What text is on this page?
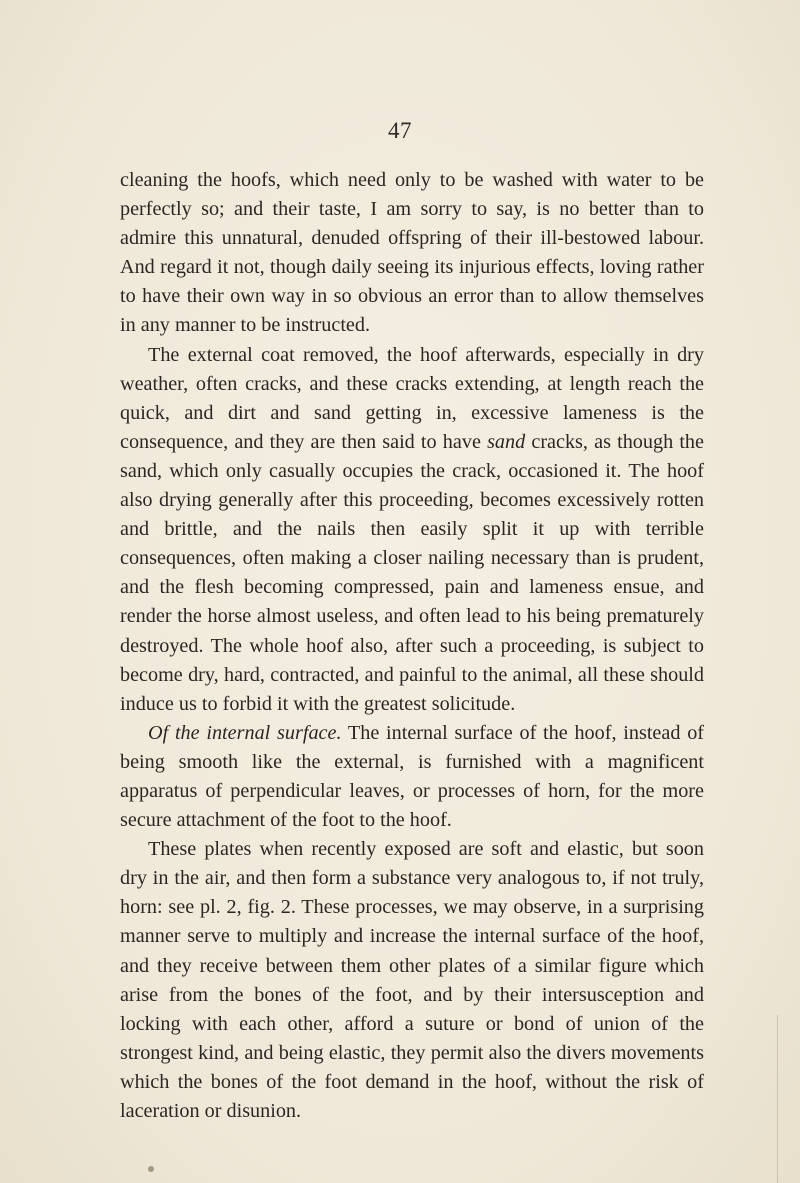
47

cleaning the hoofs, which need only to be washed with water to be perfectly so; and their taste, I am sorry to say, is no better than to admire this unnatural, denuded offspring of their ill-bestowed labour. And regard it not, though daily seeing its injurious effects, loving rather to have their own way in so obvious an error than to allow themselves in any manner to be instructed.

The external coat removed, the hoof afterwards, especially in dry weather, often cracks, and these cracks extending, at length reach the quick, and dirt and sand getting in, excessive lameness is the consequence, and they are then said to have sand cracks, as though the sand, which only casually occupies the crack, occasioned it. The hoof also drying generally after this proceeding, becomes excessively rotten and brittle, and the nails then easily split it up with terrible consequences, often making a closer nailing necessary than is prudent, and the flesh becoming compressed, pain and lameness ensue, and render the horse almost useless, and often lead to his being prematurely destroyed. The whole hoof also, after such a proceeding, is subject to become dry, hard, contracted, and painful to the animal, all these should induce us to forbid it with the greatest solicitude.

Of the internal surface. The internal surface of the hoof, instead of being smooth like the external, is furnished with a magnificent apparatus of perpendicular leaves, or processes of horn, for the more secure attachment of the foot to the hoof.

These plates when recently exposed are soft and elastic, but soon dry in the air, and then form a substance very analogous to, if not truly, horn: see pl. 2, fig. 2. These processes, we may observe, in a surprising manner serve to multiply and increase the internal surface of the hoof, and they receive between them other plates of a similar figure which arise from the bones of the foot, and by their intersusception and locking with each other, afford a suture or bond of union of the strongest kind, and being elastic, they permit also the divers movements which the bones of the foot demand in the hoof, without the risk of laceration or disunion.
